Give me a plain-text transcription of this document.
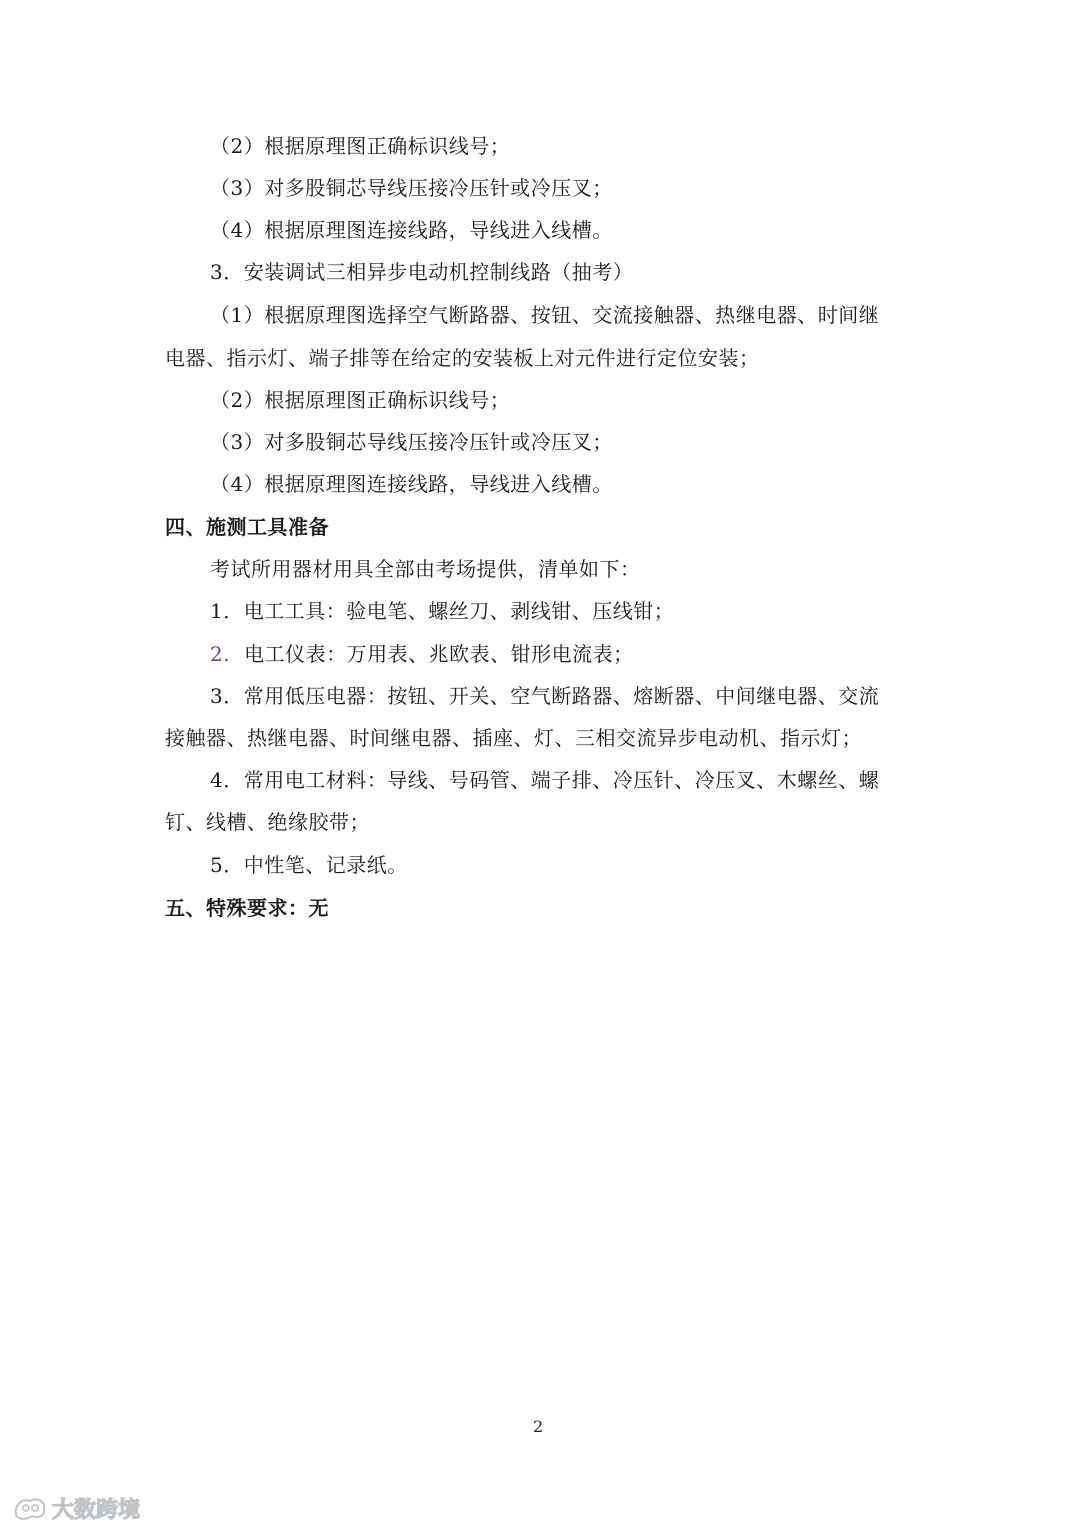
（2）根据原理图正确标识线号；
（3）对多股铜芯导线压接冷压针或冷压叉；
（4）根据原理图连接线路，导线进入线槽。
3．安装调试三相异步电动机控制线路（抽考）
（1）根据原理图选择空气断路器、按钮、交流接触器、热继电器、时间继
电器、指示灯、端子排等在给定的安装板上对元件进行定位安装；
（2）根据原理图正确标识线号；
（3）对多股铜芯导线压接冷压针或冷压叉；
（4）根据原理图连接线路，导线进入线槽。
四、施测工具准备
考试所用器材用具全部由考场提供，清单如下：
1．电工工具：验电笔、螺丝刀、剥线钳、压线钳；
2. 电工仪表：万用表、兆欧表、钳形电流表；
3．常用低压电器：按钮、开关、空气断路器、熔断器、中间继电器、交流
接触器、热继电器、时间继电器、插座、灯、三相交流异步电动机、指示灯；
4．常用电工材料：导线、号码管、端子排、冷压针、冷压叉、木螺丝、螺
钉、线槽、绝缘胶带；
5．中性笔、记录纸。
五、特殊要求：无
2
大数跨境
